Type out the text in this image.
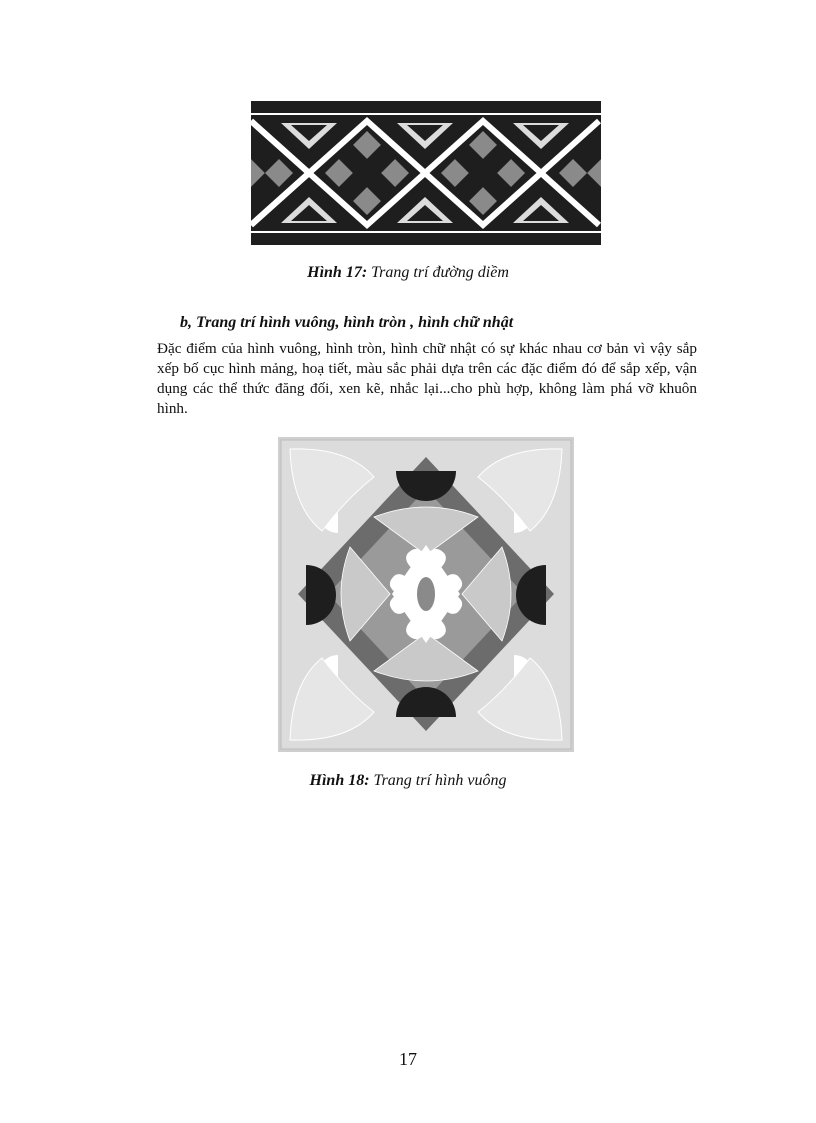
Hình 17: Trang trí đường diềm
b, Trang trí hình vuông, hình tròn , hình chữ nhật
Đặc điểm của hình vuông, hình tròn, hình chữ nhật có sự khác nhau cơ bản vì vậy sắp xếp bố cục hình mảng, hoạ tiết, màu sắc phải dựa trên các đặc điểm đó để sắp xếp, vận dụng các thể thức đăng đối, xen kẽ, nhắc lại...cho phù hợp, không làm phá vỡ khuôn hình.
Hình 18: Trang trí hình vuông
17
